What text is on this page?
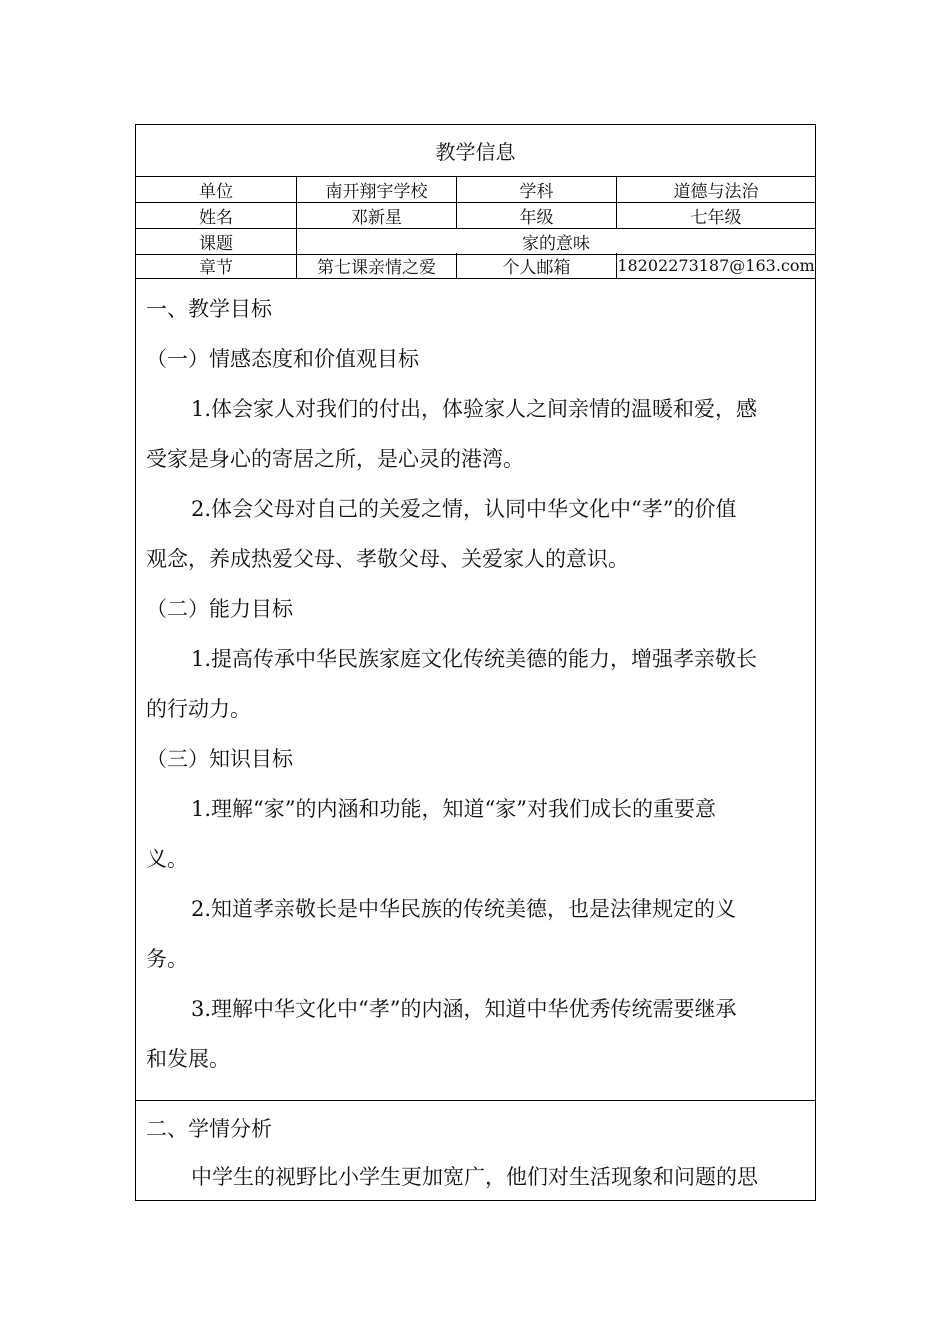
教学信息
单位	南开翔宇学校	学科	道德与法治
姓名	邓新星	年级	七年级
课题	家的意味
章节	第七课亲情之爱	个人邮箱	18202273187@163.com
一、教学目标
（一）情感态度和价值观目标
1.体会家人对我们的付出，体验家人之间亲情的温暖和爱，感
受家是身心的寄居之所，是心灵的港湾。
2.体会父母对自己的关爱之情，认同中华文化中“孝”的价值
观念，养成热爱父母、孝敬父母、关爱家人的意识。
（二）能力目标
1.提高传承中华民族家庭文化传统美德的能力，增强孝亲敬长
的行动力。
（三）知识目标
1.理解“家”的内涵和功能，知道“家”对我们成长的重要意
义。
2.知道孝亲敬长是中华民族的传统美德，也是法律规定的义
务。
3.理解中华文化中“孝”的内涵，知道中华优秀传统需要继承
和发展。
二、学情分析
中学生的视野比小学生更加宽广，他们对生活现象和问题的思
